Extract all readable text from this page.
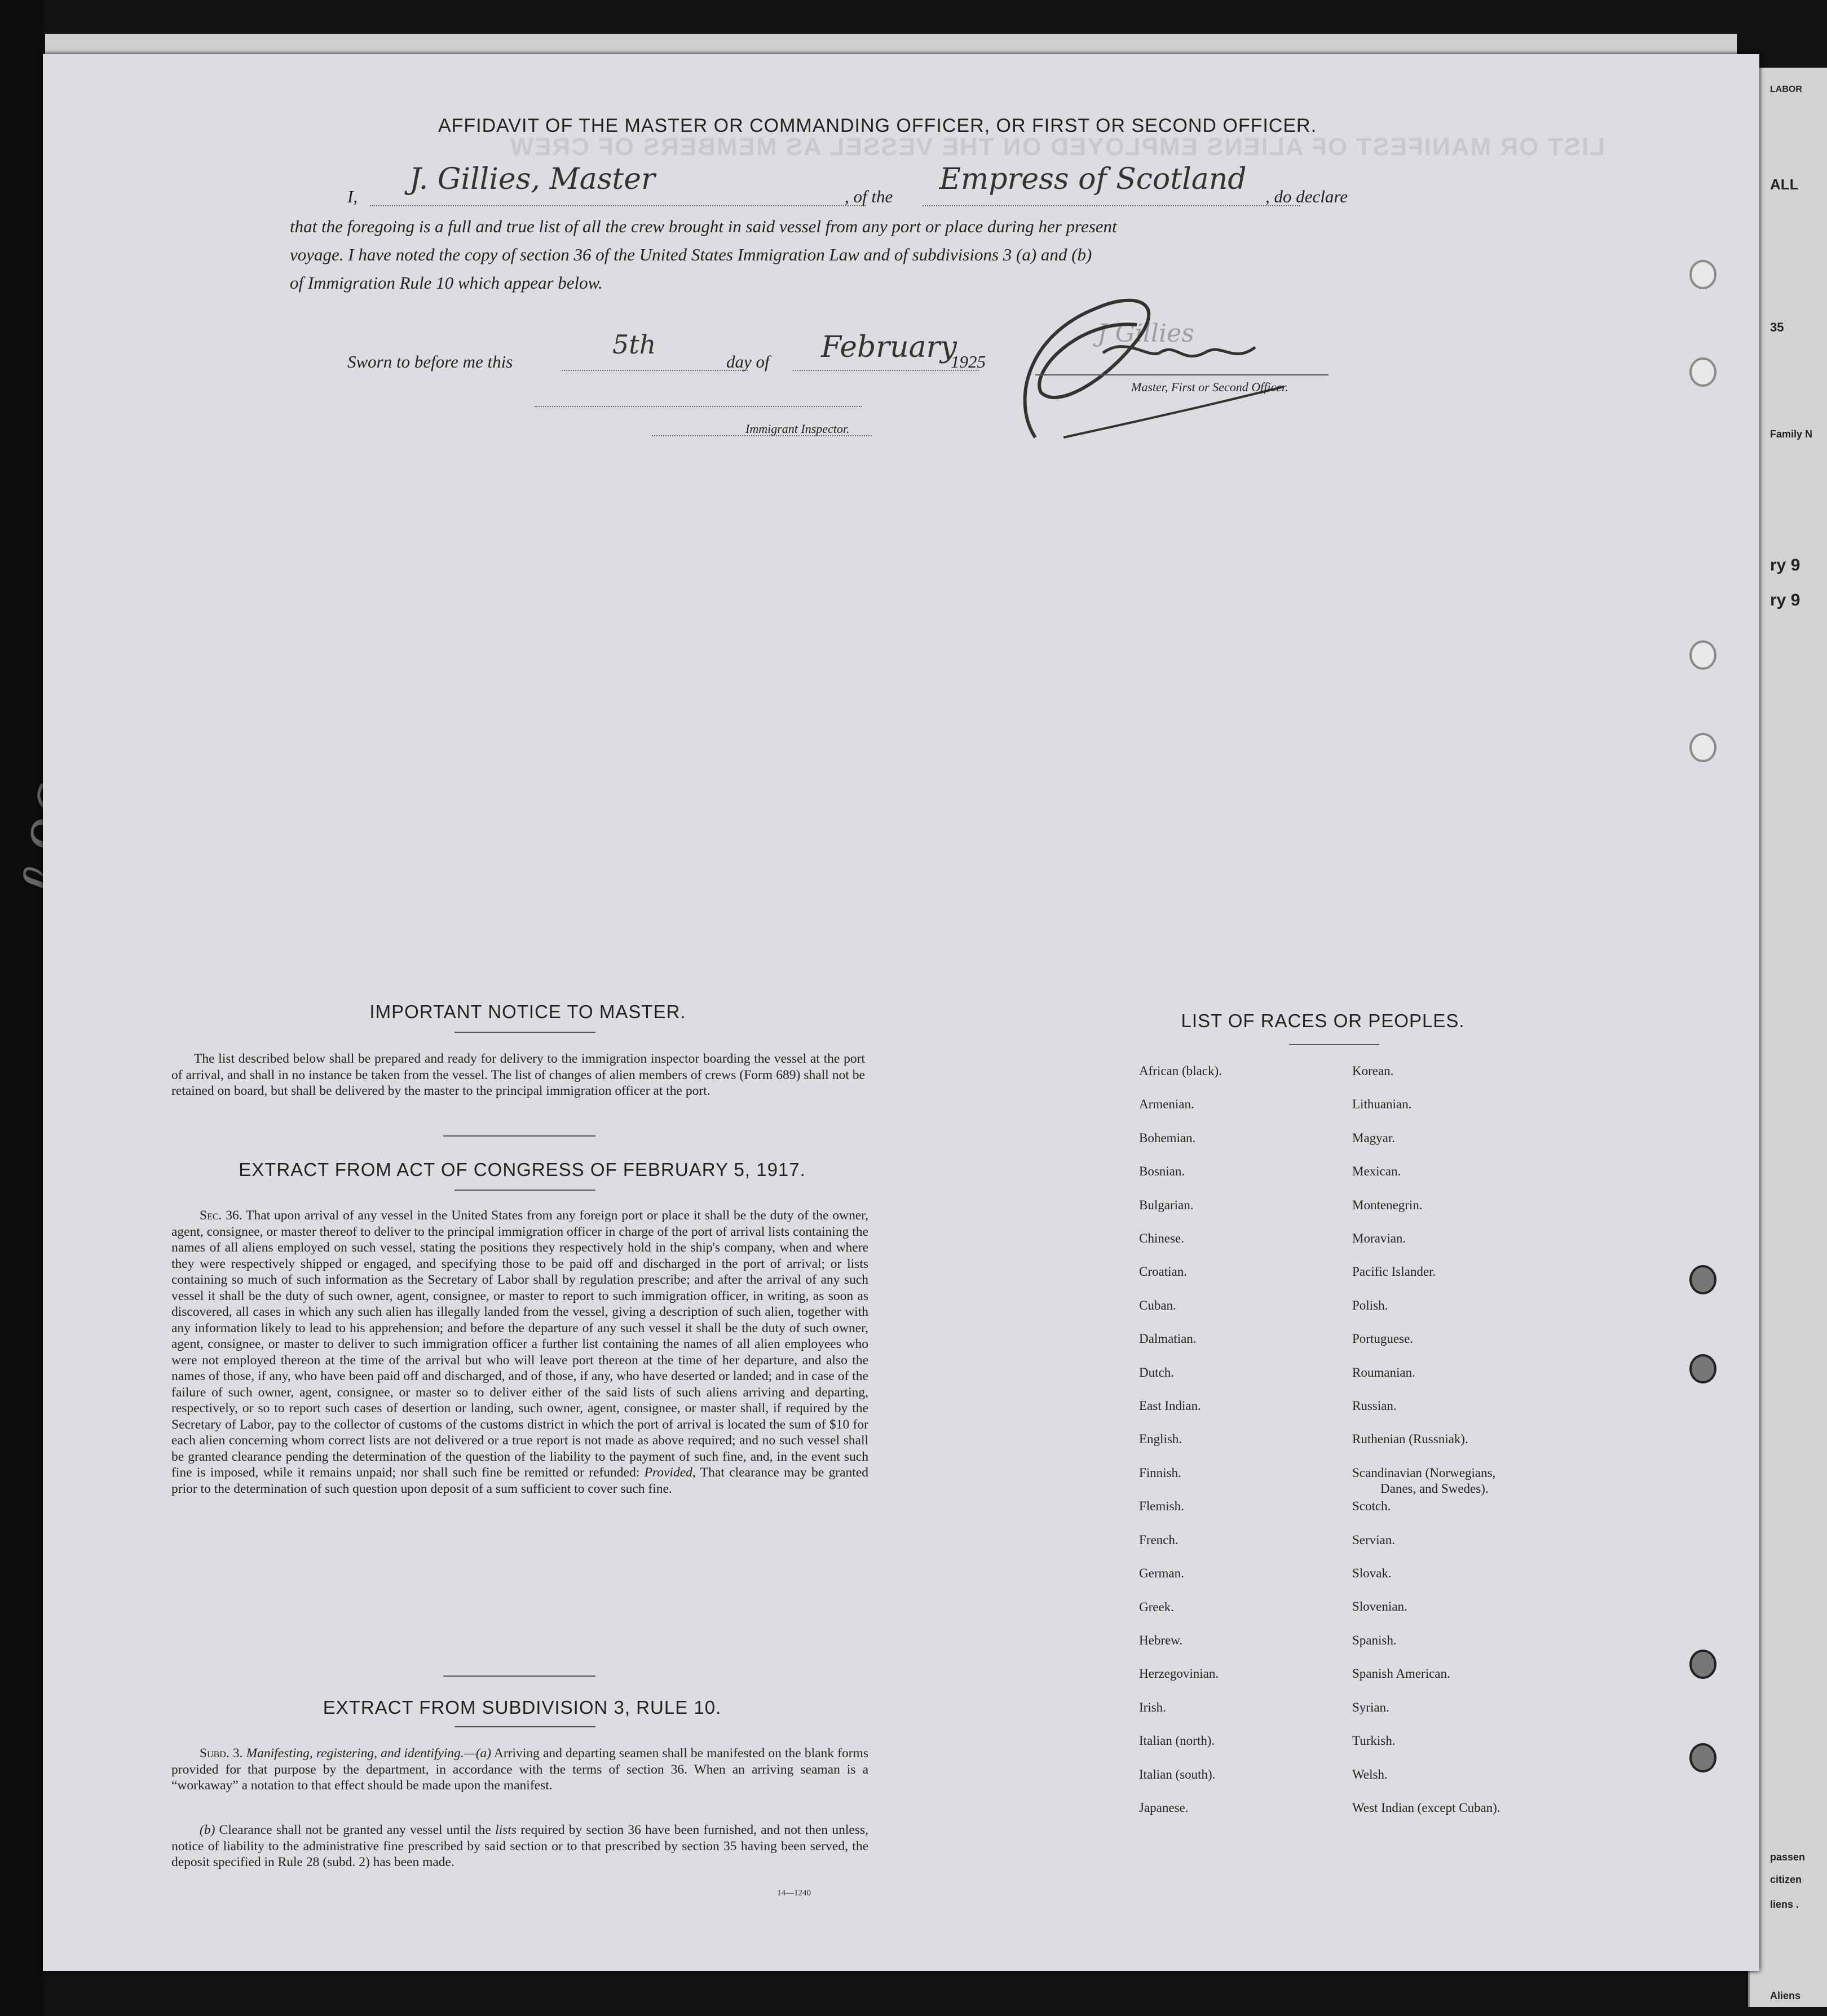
LABOR
ALL
35
Family N
ry 9
ry 9
passen
citizen
liens .
Aliens
LIST OR MANIFEST OF ALIENS EMPLOYED ON THE VESSEL AS MEMBERS OF CREW
AFFIDAVIT OF THE MASTER OR COMMANDING OFFICER, OR FIRST OR SECOND OFFICER.
I,
J. Gillies, Master
, of the
Empress of Scotland
, do declare
that the foregoing is a full and true list of all the crew brought in said vessel from any port or place during her present
voyage. I have noted the copy of section 36 of the United States Immigration Law and of subdivisions 3 (a) and (b)
of Immigration Rule 10 which appear below.
J Gillies
Master, First or Second Officer.
Sworn to before me this
5th
day of February
1925
Immigrant Inspector.
IMPORTANT NOTICE TO MASTER.
The list described below shall be prepared and ready for delivery to the immigration inspector boarding the vessel at the port of arrival, and shall in no instance be taken from the vessel. The list of changes of alien members of crews (Form 689) shall not be retained on board, but shall be delivered by the master to the principal immigration officer at the port.
EXTRACT FROM ACT OF CONGRESS OF FEBRUARY 5, 1917.
Sec. 36. That upon arrival of any vessel in the United States from any foreign port or place it shall be the duty of the owner, agent, consignee, or master thereof to deliver to the principal immigration officer in charge of the port of arrival lists containing the names of all aliens employed on such vessel, stating the positions they respectively hold in the ship's company, when and where they were respectively shipped or engaged, and specifying those to be paid off and discharged in the port of arrival; or lists containing so much of such information as the Secretary of Labor shall by regulation prescribe; and after the arrival of any such vessel it shall be the duty of such owner, agent, consignee, or master to report to such immigration officer, in writing, as soon as discovered, all cases in which any such alien has illegally landed from the vessel, giving a description of such alien, together with any information likely to lead to his apprehension; and before the departure of any such vessel it shall be the duty of such owner, agent, consignee, or master to deliver to such immigration officer a further list containing the names of all alien employees who were not employed thereon at the time of the arrival but who will leave port thereon at the time of her departure, and also the names of those, if any, who have been paid off and discharged, and of those, if any, who have deserted or landed; and in case of the failure of such owner, agent, consignee, or master so to deliver either of the said lists of such aliens arriving and departing, respectively, or so to report such cases of desertion or landing, such owner, agent, consignee, or master shall, if required by the Secretary of Labor, pay to the collector of customs of the customs district in which the port of arrival is located the sum of $10 for each alien concerning whom correct lists are not delivered or a true report is not made as above required; and no such vessel shall be granted clearance pending the determination of the question of the liability to the payment of such fine, and, in the event such fine is imposed, while it remains unpaid; nor shall such fine be remitted or refunded: Provided, That clearance may be granted prior to the determination of such question upon deposit of a sum sufficient to cover such fine.
EXTRACT FROM SUBDIVISION 3, RULE 10.
Subd. 3. Manifesting, registering, and identifying.—(a) Arriving and departing seamen shall be manifested on the blank forms provided for that purpose by the department, in accordance with the terms of section 36. When an arriving seaman is a “workaway” a notation to that effect should be made upon the manifest.
(b) Clearance shall not be granted any vessel until the lists required by section 36 have been furnished, and not then unless, notice of liability to the administrative fine prescribed by said section or to that prescribed by section 35 having been served, the deposit specified in Rule 28 (subd. 2) has been made.
14—1240
LIST OF RACES OR PEOPLES.
African (black).
Armenian.
Bohemian.
Bosnian.
Bulgarian.
Chinese.
Croatian.
Cuban.
Dalmatian.
Dutch.
East Indian.
English.
Finnish.
Flemish.
French.
German.
Greek.
Hebrew.
Herzegovinian.
Irish.
Italian (north).
Italian (south).
Japanese.
Korean.
Lithuanian.
Magyar.
Mexican.
Montenegrin.
Moravian.
Pacific Islander.
Polish.
Portuguese.
Roumanian.
Russian.
Ruthenian (Russniak).
Scandinavian (Norwegians,
Danes, and Swedes).
Scotch.
Servian.
Slovak.
Slovenian.
Spanish.
Spanish American.
Syrian.
Turkish.
Welsh.
West Indian (except Cuban).
